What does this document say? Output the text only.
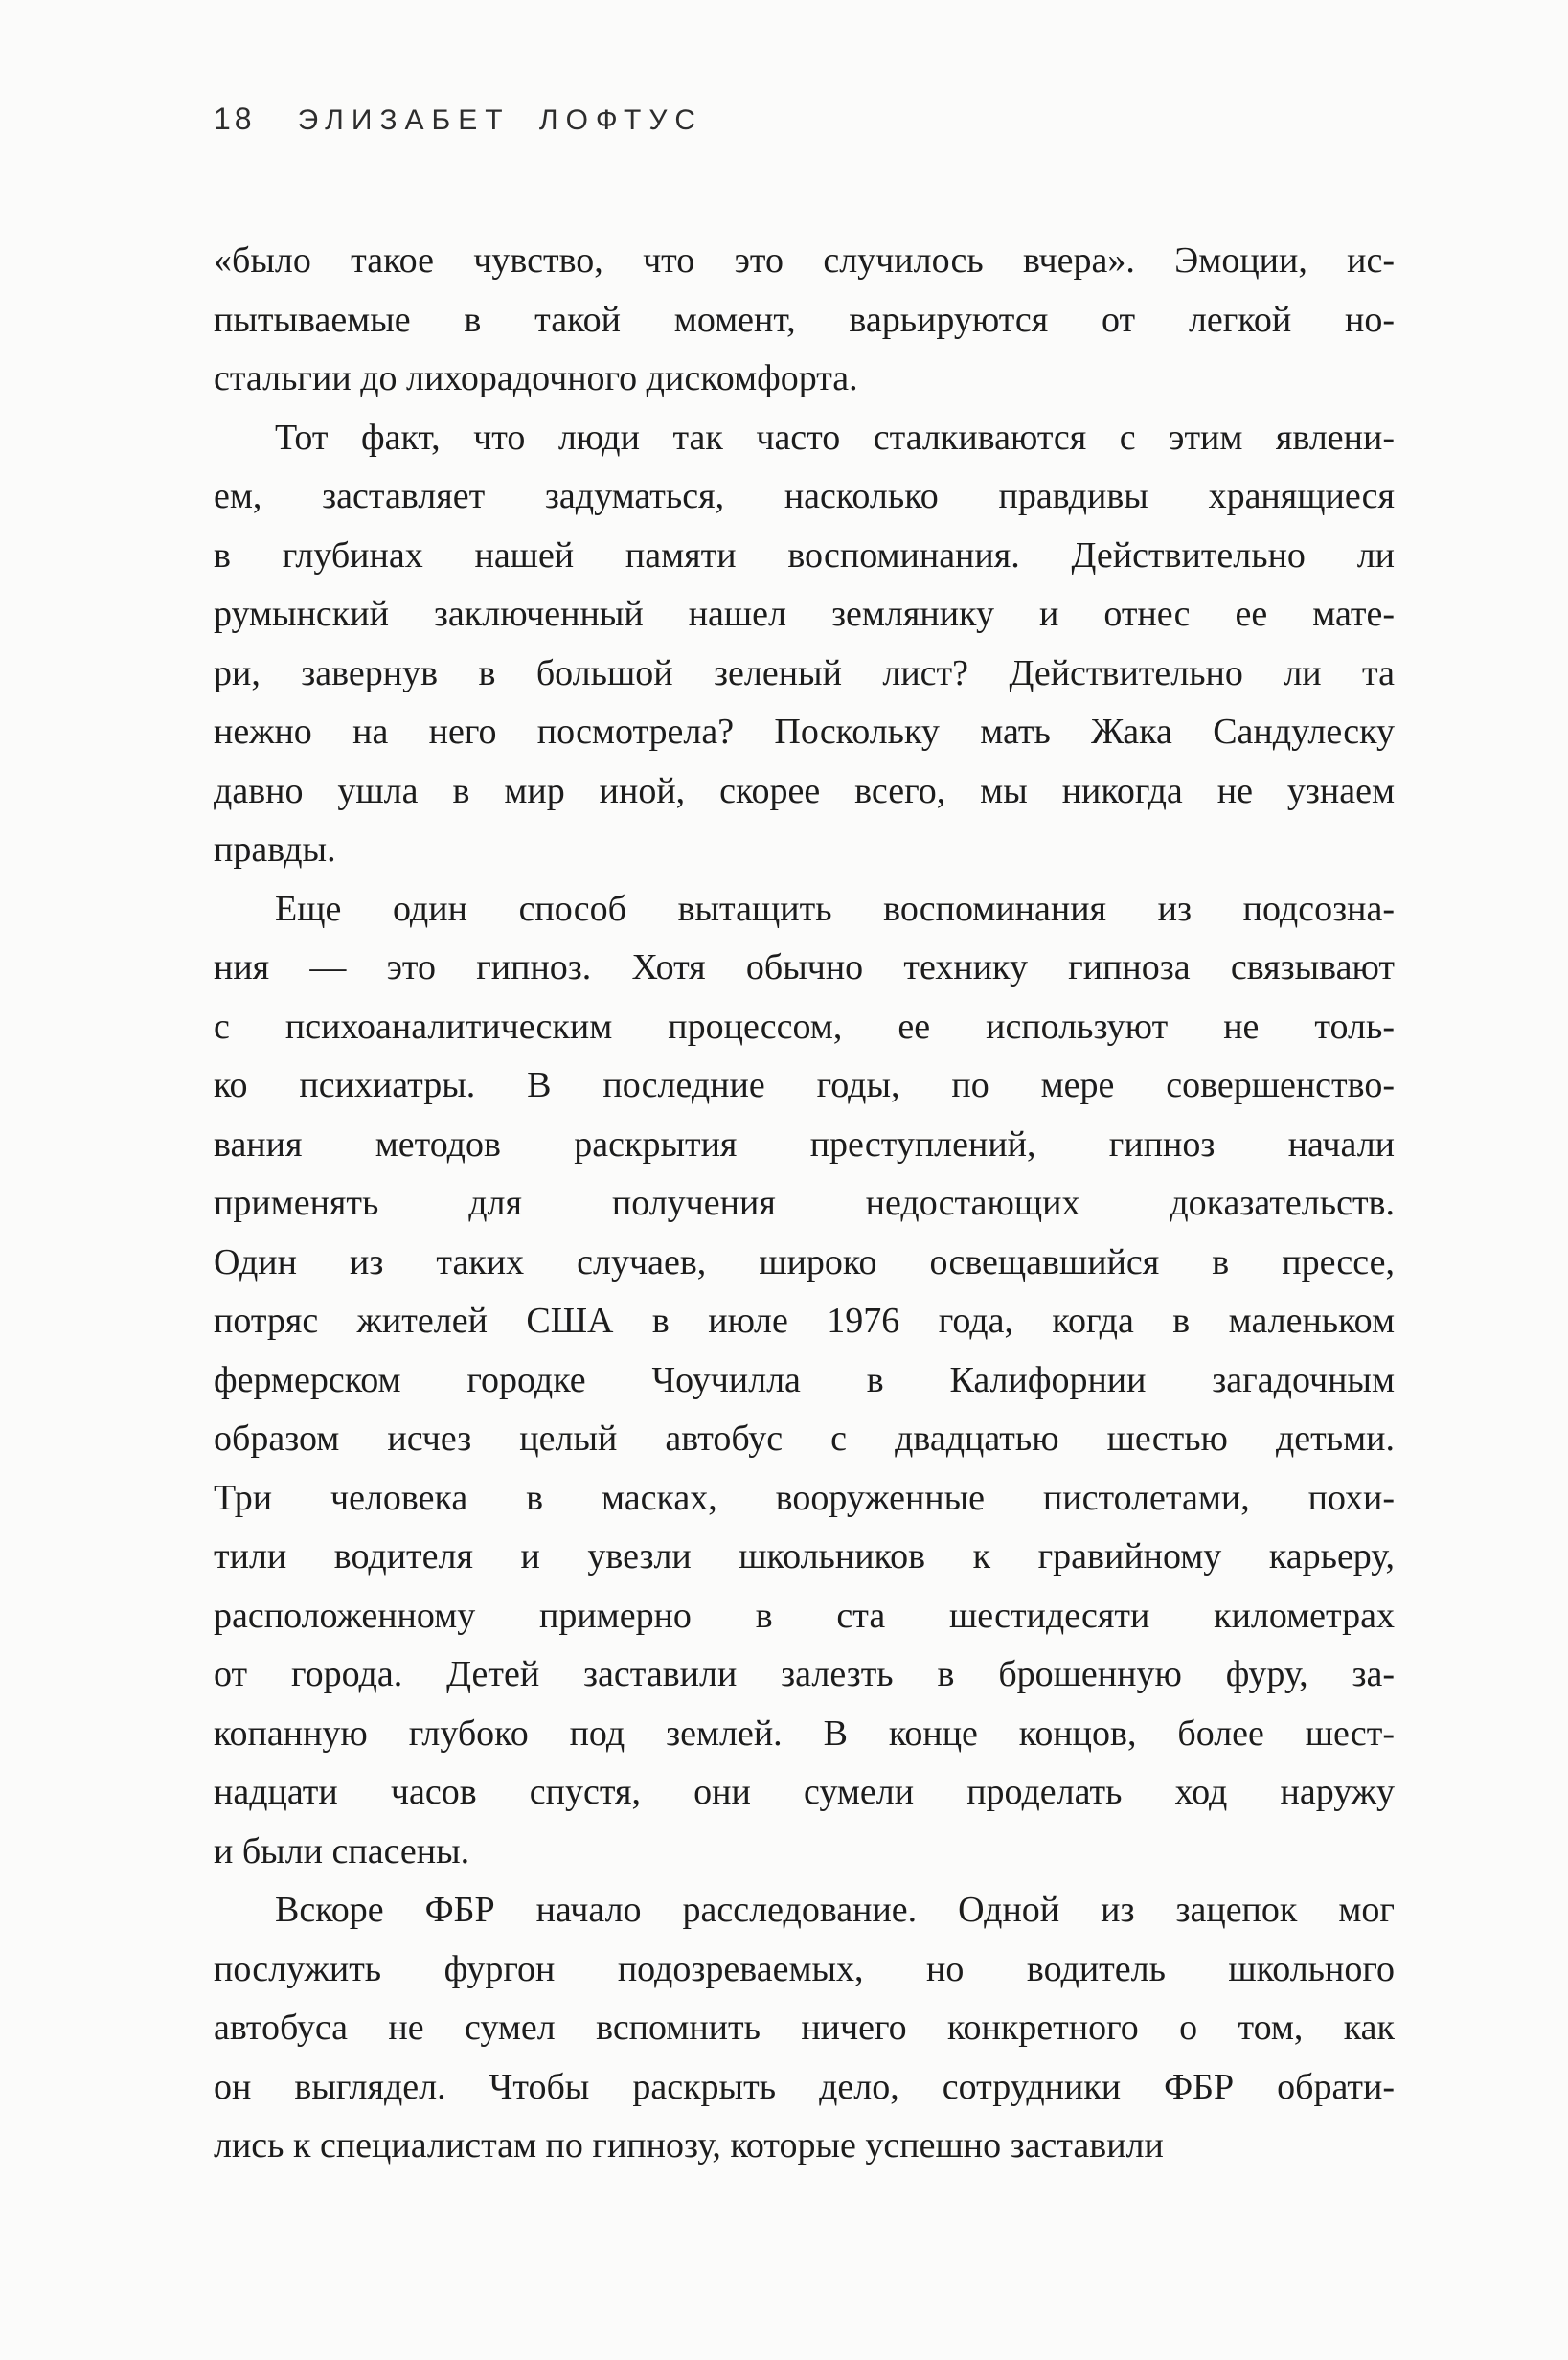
18 ЭЛИЗАБЕТ ЛОФТУС
«было такое чувство, что это случилось вчера». Эмоции, ис-
пытываемые в такой момент, варьируются от легкой но-
стальгии до лихорадочного дискомфорта.
Тот факт, что люди так часто сталкиваются с этим явлени-
ем, заставляет задуматься, насколько правдивы хранящиеся
в глубинах нашей памяти воспоминания. Действительно ли
румынский заключенный нашел землянику и отнес ее мате-
ри, завернув в большой зеленый лист? Действительно ли та
нежно на него посмотрела? Поскольку мать Жака Сандулеску
давно ушла в мир иной, скорее всего, мы никогда не узнаем
правды.
Еще один способ вытащить воспоминания из подсозна-
ния — это гипноз. Хотя обычно технику гипноза связывают
с психоаналитическим процессом, ее используют не толь-
ко психиатры. В последние годы, по мере совершенство-
вания методов раскрытия преступлений, гипноз начали
применять для получения недостающих доказательств.
Один из таких случаев, широко освещавшийся в прессе,
потряс жителей США в июле 1976 года, когда в маленьком
фермерском городке Чоучилла в Калифорнии загадочным
образом исчез целый автобус с двадцатью шестью детьми.
Три человека в масках, вооруженные пистолетами, похи-
тили водителя и увезли школьников к гравийному карьеру,
расположенному примерно в ста шестидесяти километрах
от города. Детей заставили залезть в брошенную фуру, за-
копанную глубоко под землей. В конце концов, более шест-
надцати часов спустя, они сумели проделать ход наружу
и были спасены.
Вскоре ФБР начало расследование. Одной из зацепок мог
послужить фургон подозреваемых, но водитель школьного
автобуса не сумел вспомнить ничего конкретного о том, как
он выглядел. Чтобы раскрыть дело, сотрудники ФБР обрати-
лись к специалистам по гипнозу, которые успешно заставили
